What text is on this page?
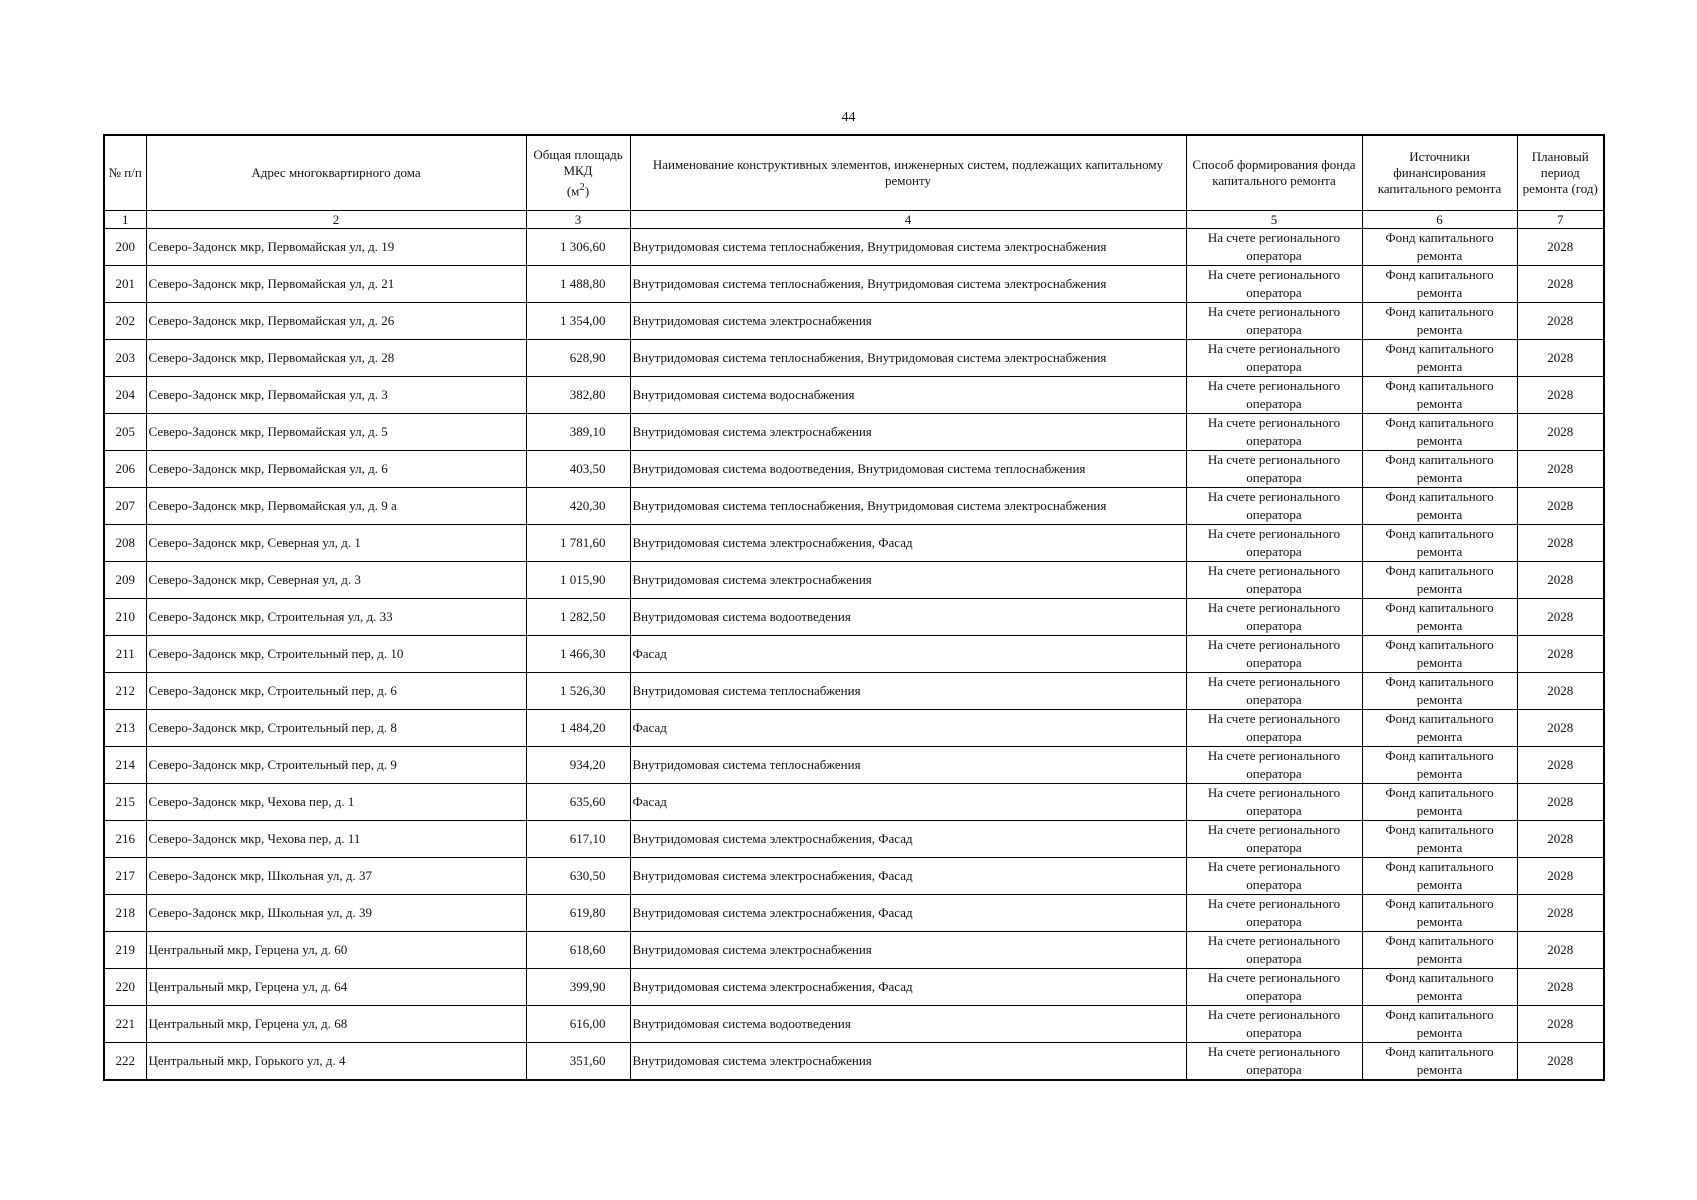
44
№ п/п	Адрес многоквартирного дома	Общая площадь МКД
$(м^2)$	Наименование конструктивных элементов, инженерных систем, подлежащих капитальному ремонту	Способ формирования фонда капитального ремонта	Источники финансирования капитального ремонта	Плановый период ремонта (год)
1	2	3	4	5	6	7
200	Северо-Задонск мкр, Первомайская ул, д. 19	1 306,60	Внутридомовая система теплоснабжения, Внутридомовая система электроснабжения	На счете регионального оператора	Фонд капитального ремонта	2028
201	Северо-Задонск мкр, Первомайская ул, д. 21	1 488,80	Внутридомовая система теплоснабжения, Внутридомовая система электроснабжения	На счете регионального оператора	Фонд капитального ремонта	2028
202	Северо-Задонск мкр, Первомайская ул, д. 26	1 354,00	Внутридомовая система электроснабжения	На счете регионального оператора	Фонд капитального ремонта	2028
203	Северо-Задонск мкр, Первомайская ул, д. 28	628,90	Внутридомовая система теплоснабжения, Внутридомовая система электроснабжения	На счете регионального оператора	Фонд капитального ремонта	2028
204	Северо-Задонск мкр, Первомайская ул, д. 3	382,80	Внутридомовая система водоснабжения	На счете регионального оператора	Фонд капитального ремонта	2028
205	Северо-Задонск мкр, Первомайская ул, д. 5	389,10	Внутридомовая система электроснабжения	На счете регионального оператора	Фонд капитального ремонта	2028
206	Северо-Задонск мкр, Первомайская ул, д. 6	403,50	Внутридомовая система водоотведения, Внутридомовая система теплоснабжения	На счете регионального оператора	Фонд капитального ремонта	2028
207	Северо-Задонск мкр, Первомайская ул, д. 9 а	420,30	Внутридомовая система теплоснабжения, Внутридомовая система электроснабжения	На счете регионального оператора	Фонд капитального ремонта	2028
208	Северо-Задонск мкр, Северная ул, д. 1	1 781,60	Внутридомовая система электроснабжения, Фасад	На счете регионального оператора	Фонд капитального ремонта	2028
209	Северо-Задонск мкр, Северная ул, д. 3	1 015,90	Внутридомовая система электроснабжения	На счете регионального оператора	Фонд капитального ремонта	2028
210	Северо-Задонск мкр, Строительная ул, д. 33	1 282,50	Внутридомовая система водоотведения	На счете регионального оператора	Фонд капитального ремонта	2028
211	Северо-Задонск мкр, Строительный пер, д. 10	1 466,30	Фасад	На счете регионального оператора	Фонд капитального ремонта	2028
212	Северо-Задонск мкр, Строительный пер, д. 6	1 526,30	Внутридомовая система теплоснабжения	На счете регионального оператора	Фонд капитального ремонта	2028
213	Северо-Задонск мкр, Строительный пер, д. 8	1 484,20	Фасад	На счете регионального оператора	Фонд капитального ремонта	2028
214	Северо-Задонск мкр, Строительный пер, д. 9	934,20	Внутридомовая система теплоснабжения	На счете регионального оператора	Фонд капитального ремонта	2028
215	Северо-Задонск мкр, Чехова пер, д. 1	635,60	Фасад	На счете регионального оператора	Фонд капитального ремонта	2028
216	Северо-Задонск мкр, Чехова пер, д. 11	617,10	Внутридомовая система электроснабжения, Фасад	На счете регионального оператора	Фонд капитального ремонта	2028
217	Северо-Задонск мкр, Школьная ул, д. 37	630,50	Внутридомовая система электроснабжения, Фасад	На счете регионального оператора	Фонд капитального ремонта	2028
218	Северо-Задонск мкр, Школьная ул, д. 39	619,80	Внутридомовая система электроснабжения, Фасад	На счете регионального оператора	Фонд капитального ремонта	2028
219	Центральный мкр, Герцена ул, д. 60	618,60	Внутридомовая система электроснабжения	На счете регионального оператора	Фонд капитального ремонта	2028
220	Центральный мкр, Герцена ул, д. 64	399,90	Внутридомовая система электроснабжения, Фасад	На счете регионального оператора	Фонд капитального ремонта	2028
221	Центральный мкр, Герцена ул, д. 68	616,00	Внутридомовая система водоотведения	На счете регионального оператора	Фонд капитального ремонта	2028
222	Центральный мкр, Горького ул, д. 4	351,60	Внутридомовая система электроснабжения	На счете регионального оператора	Фонд капитального ремонта	2028
